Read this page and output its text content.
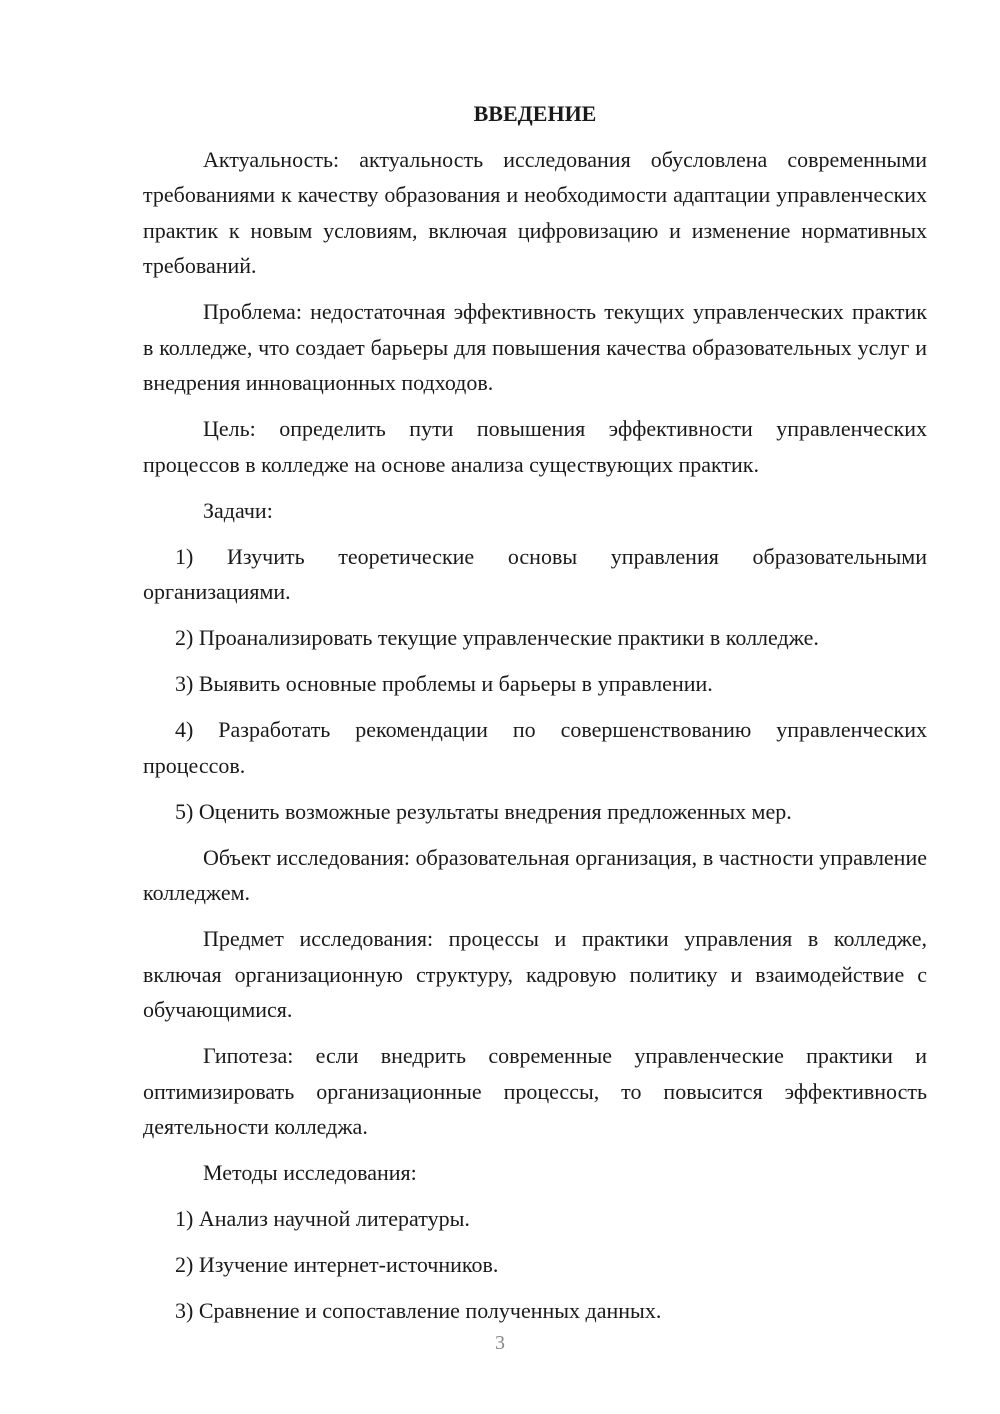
ВВЕДЕНИЕ

Актуальность: актуальность исследования обусловлена современными требованиями к качеству образования и необходимости адаптации управленческих практик к новым условиям, включая цифровизацию и изменение нормативных требований.

Проблема: недостаточная эффективность текущих управленческих практик в колледже, что создает барьеры для повышения качества образовательных услуг и внедрения инновационных подходов.

Цель: определить пути повышения эффективности управленческих процессов в колледже на основе анализа существующих практик.

Задачи:

1) Изучить теоретические основы управления образовательными организациями.

2) Проанализировать текущие управленческие практики в колледже.

3) Выявить основные проблемы и барьеры в управлении.

4) Разработать рекомендации по совершенствованию управленческих процессов.

5) Оценить возможные результаты внедрения предложенных мер.

Объект исследования: образовательная организация, в частности управление колледжем.

Предмет исследования: процессы и практики управления в колледже, включая организационную структуру, кадровую политику и взаимодействие с обучающимися.

Гипотеза: если внедрить современные управленческие практики и оптимизировать организационные процессы, то повысится эффективность деятельности колледжа.

Методы исследования:

1) Анализ научной литературы.

2) Изучение интернет-источников.

3) Сравнение и сопоставление полученных данных.

3
